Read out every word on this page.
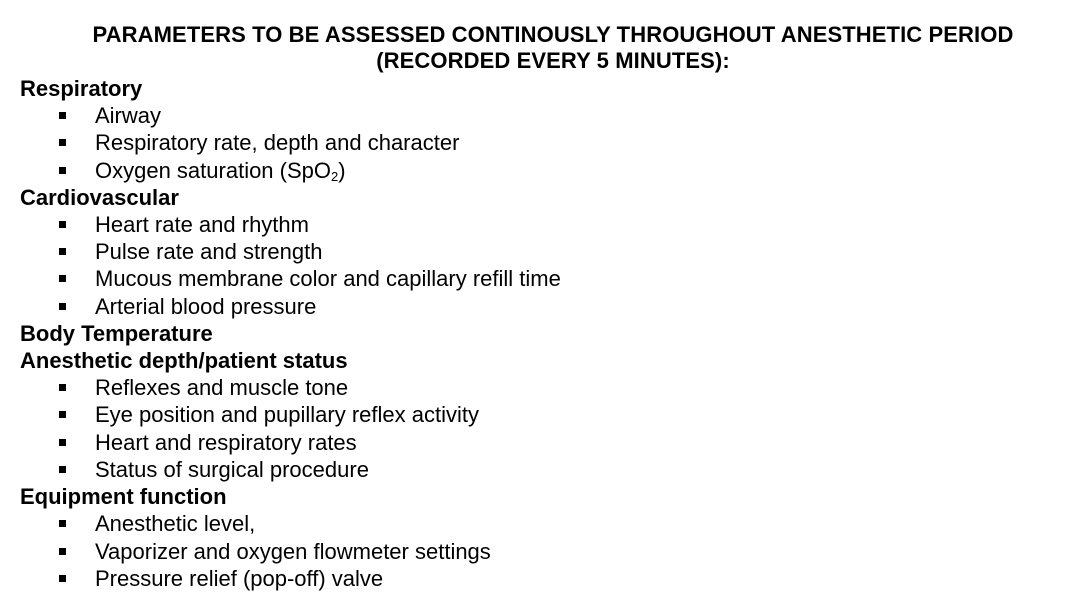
PARAMETERS TO BE ASSESSED CONTINOUSLY THROUGHOUT ANESTHETIC PERIOD
(RECORDED EVERY 5 MINUTES):
Respiratory
Airway
Respiratory rate, depth and character
Oxygen saturation (SpO$_2$)
Cardiovascular
Heart rate and rhythm
Pulse rate and strength
Mucous membrane color and capillary refill time
Arterial blood pressure
Body Temperature
Anesthetic depth/patient status
Reflexes and muscle tone
Eye position and pupillary reflex activity
Heart and respiratory rates
Status of surgical procedure
Equipment function
Anesthetic level,
Vaporizer and oxygen flowmeter settings
Pressure relief (pop-off) valve
